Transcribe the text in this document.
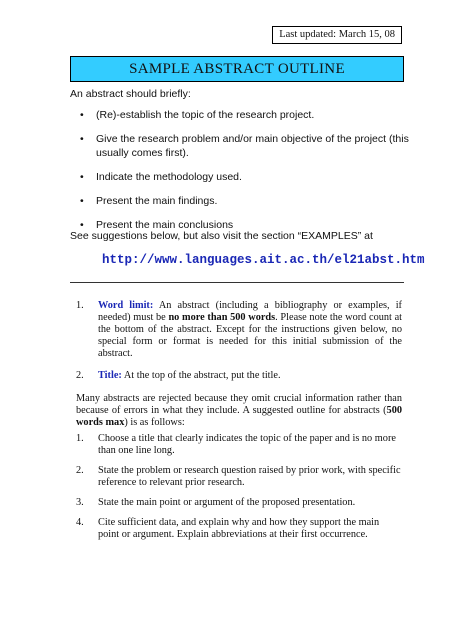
Last updated: March 15, 08
SAMPLE ABSTRACT OUTLINE
An abstract should briefly:
•	(Re)-establish the topic of the research project.
•	Give the research problem and/or main objective of the project (this usually comes first).
•	Indicate the methodology used.
•	Present the main findings.
•	Present the main conclusions
See suggestions below, but also visit the section “EXAMPLES” at
http://www.languages.ait.ac.th/el21abst.htm
1.	Word limit: An abstract (including a bibliography or examples, if needed) must be no more than 500 words. Please note the word count at the bottom of the abstract. Except for the instructions given below, no special form or format is needed for this initial submission of the abstract.
2.	Title: At the top of the abstract, put the title.
Many abstracts are rejected because they omit crucial information rather than because of errors in what they include. A suggested outline for abstracts (500 words max) is as follows:
1.	Choose a title that clearly indicates the topic of the paper and is no more than one line long.
2.	State the problem or research question raised by prior work, with specific reference to relevant prior research.
3.	State the main point or argument of the proposed presentation.
4.	Cite sufficient data, and explain why and how they support the main point or argument. Explain abbreviations at their first occurrence.
